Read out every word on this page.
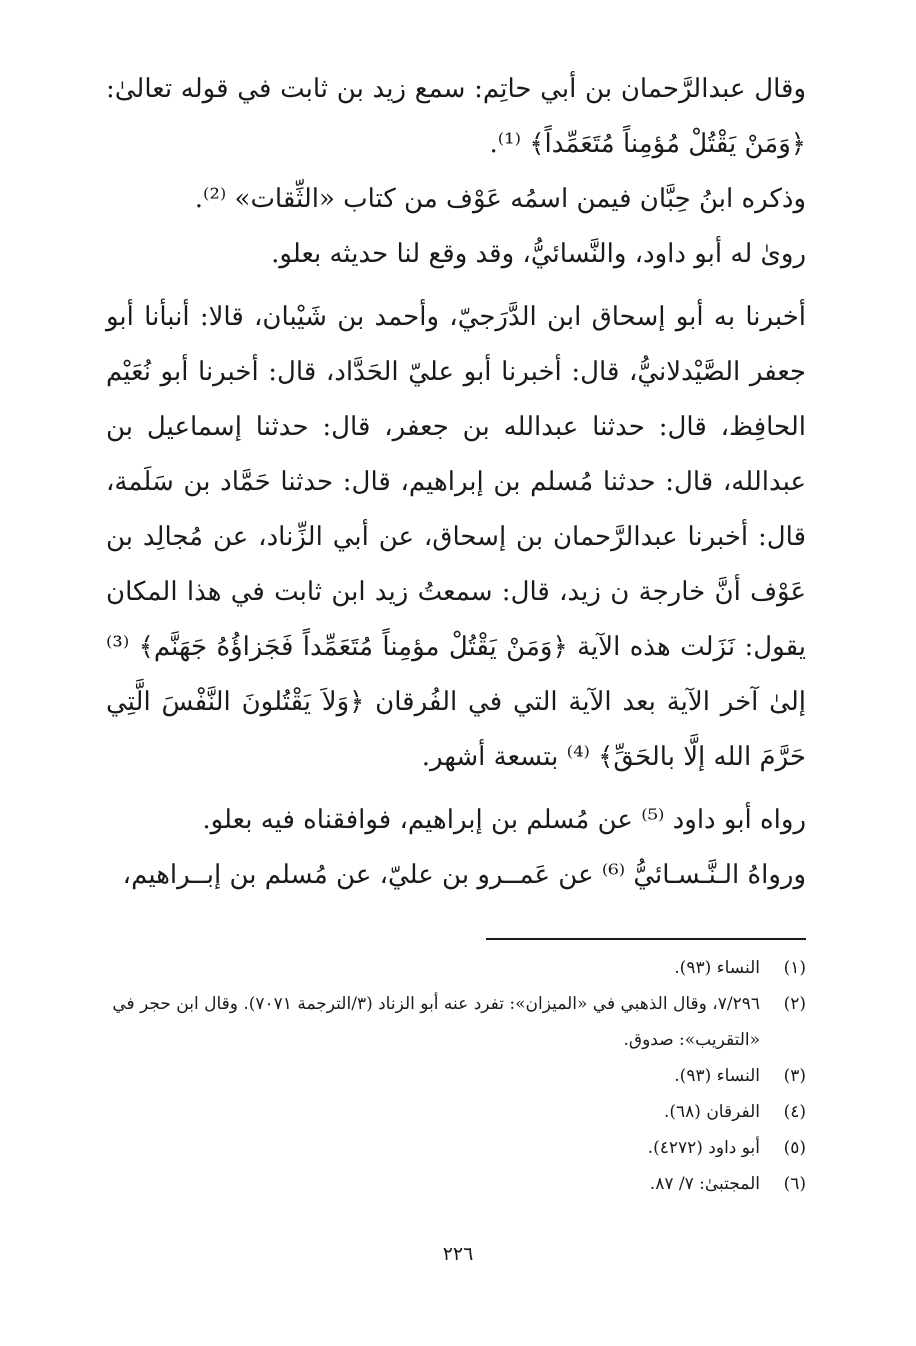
وقال عبدالرَّحمان بن أبي حاتِم: سمع زيد بن ثابت في قوله تعالىٰ: ﴿وَمَنْ يَقْتُلْ مُؤمِناً مُتَعَمِّداً﴾ ⁽¹⁾.

وذكره ابنُ حِبَّان فيمن اسمُه عَوْف من كتاب «الثِّقات» ⁽²⁾.

روىٰ له أبو داود، والنَّسائيُّ، وقد وقع لنا حديثه بعلو.

أخبرنا به أبو إسحاق ابن الدَّرَجيّ، وأحمد بن شَيْبان، قالا: أنبأنا أبو جعفر الصَّيْدلانيُّ، قال: أخبرنا أبو عليّ الحَدَّاد، قال: أخبرنا أبو نُعَيْم الحافِظ، قال: حدثنا عبدالله بن جعفر، قال: حدثنا إسماعيل بن عبدالله، قال: حدثنا مُسلم بن إبراهيم، قال: حدثنا حَمَّاد بن سَلَمة، قال: أخبرنا عبدالرَّحمان بن إسحاق، عن أبي الزِّناد، عن مُجالِد بن عَوْف أنَّ خارجة ن زيد، قال: سمعتُ زيد ابن ثابت في هذا المكان يقول: نَزَلت هذه الآية ﴿وَمَنْ يَقْتُلْ مؤمِناً مُتَعَمِّداً فَجَزاؤُهُ جَهَنَّم﴾ ⁽³⁾ إلىٰ آخر الآية بعد الآية التي في الفُرقان ﴿وَلاَ يَقْتُلونَ النَّفْسَ الَّتِي حَرَّمَ الله إلَّا بالحَقِّ﴾ ⁽⁴⁾ بتسعة أشهر.

رواه أبو داود ⁽⁵⁾ عن مُسلم بن إبراهيم، فوافقناه فيه بعلو.

ورواهُ الـنَّـسـائيُّ ⁽⁶⁾ عن عَمــرو بن عليّ، عن مُسلم بن إبــراهيم،

(١)
النساء (٩٣).
(٢)
٧/٢٩٦، وقال الذهبي في «الميزان»: تفرد عنه أبو الزناد (٣/الترجمة ٧٠٧١). وقال ابن حجر في «التقريب»: صدوق.
(٣)
النساء (٩٣).
(٤)
الفرقان (٦٨).
(٥)
أبو داود (٤٢٧٢).
(٦)
المجتبىٰ: ٧/ ٨٧.
٢٢٦
